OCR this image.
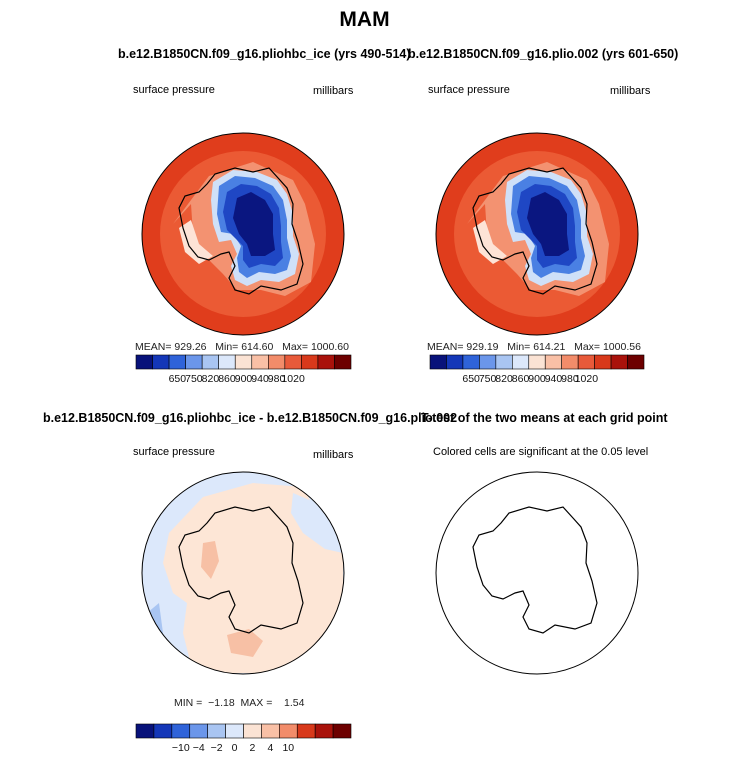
MAM
b.e12.B1850CN.f09_g16.pliohbc_ice (yrs 490-514)
b.e12.B1850CN.f09_g16.plio.002 (yrs 601-650)
b.e12.B1850CN.f09_g16.pliohbc_ice - b.e12.B1850CN.f09_g16.plio.002
T-test of the two means at each grid point
surface pressure	millibars	surface pressure	millibars
surface pressure	millibars	Colored cells are significant at the 0.05 level
MEAN= 929.26   Min= 614.60   Max= 1000.60	MEAN= 929.19   Min= 614.21   Max= 1000.56
MIN =  −1.18  MAX =    1.54
650 750 820 860 900 940 980
1020	650
750
820
860
900
940
980
1020
−10 −4 −2 0 2 4 10
